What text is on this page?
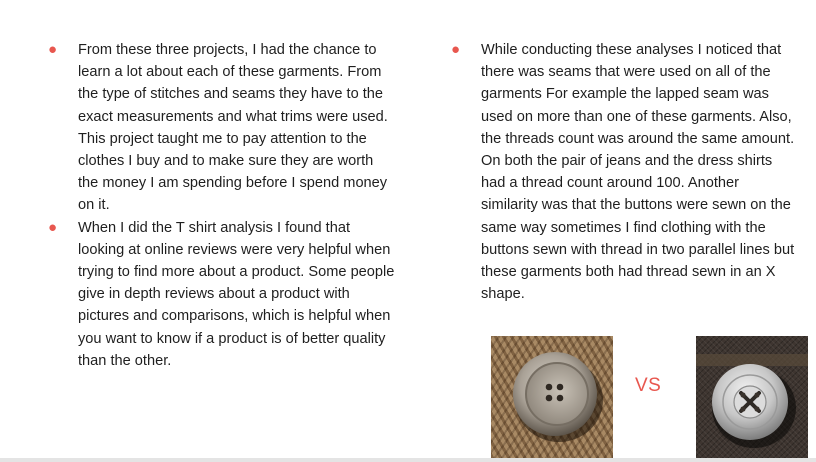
● From these three projects, I had the chance to learn a lot about each of these garments. From the type of stitches and seams they have to the exact measurements and what trims were used. This project taught me to pay attention to the clothes I buy and to make sure they are worth the money I am spending before I spend money on it.
● When I did the T shirt analysis I found that looking at online reviews were very helpful when trying to find more about a product. Some people give in depth reviews about a product with pictures and comparisons, which is helpful when you want to know if a product is of better quality than the other.
● While conducting these analyses I noticed that there was seams that were used on all of the garments For example the lapped seam was used on more than one of these garments. Also, the threads count was around the same amount. On both the pair of jeans and the dress shirts had a thread count around 100. Another similarity was that the buttons were sewn on the same way sometimes I find clothing with the buttons sewn with thread in two parallel lines but these garments both had thread sewn in an X shape.
VS
